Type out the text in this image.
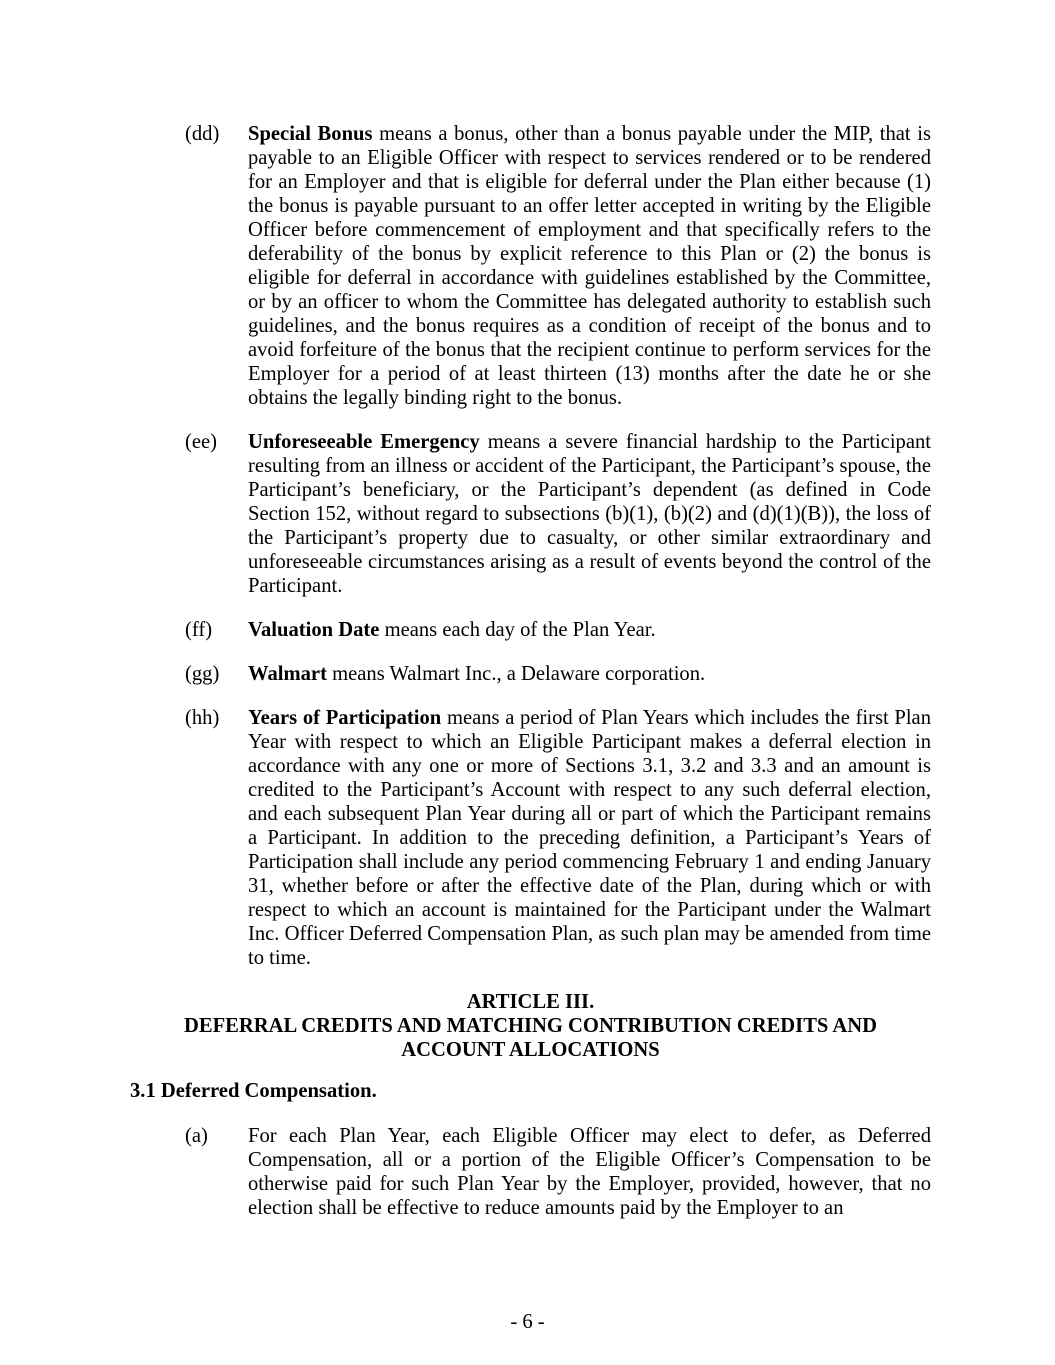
(dd)	Special Bonus means a bonus, other than a bonus payable under the MIP, that is payable to an Eligible Officer with respect to services rendered or to be rendered for an Employer and that is eligible for deferral under the Plan either because (1) the bonus is payable pursuant to an offer letter accepted in writing by the Eligible Officer before commencement of employment and that specifically refers to the deferability of the bonus by explicit reference to this Plan or (2) the bonus is eligible for deferral in accordance with guidelines established by the Committee, or by an officer to whom the Committee has delegated authority to establish such guidelines, and the bonus requires as a condition of receipt of the bonus and to avoid forfeiture of the bonus that the recipient continue to perform services for the Employer for a period of at least thirteen (13) months after the date he or she obtains the legally binding right to the bonus.

(ee)	Unforeseeable Emergency means a severe financial hardship to the Participant resulting from an illness or accident of the Participant, the Participant’s spouse, the Participant’s beneficiary, or the Participant’s dependent (as defined in Code Section 152, without regard to subsections (b)(1), (b)(2) and (d)(1)(B)), the loss of the Participant’s property due to casualty, or other similar extraordinary and unforeseeable circumstances arising as a result of events beyond the control of the Participant.

(ff)	Valuation Date means each day of the Plan Year.

(gg)	Walmart means Walmart Inc., a Delaware corporation.

(hh)	Years of Participation means a period of Plan Years which includes the first Plan Year with respect to which an Eligible Participant makes a deferral election in accordance with any one or more of Sections 3.1, 3.2 and 3.3 and an amount is credited to the Participant’s Account with respect to any such deferral election, and each subsequent Plan Year during all or part of which the Participant remains a Participant. In addition to the preceding definition, a Participant’s Years of Participation shall include any period commencing February 1 and ending January 31, whether before or after the effective date of the Plan, during which or with respect to which an account is maintained for the Participant under the Walmart Inc. Officer Deferred Compensation Plan, as such plan may be amended from time to time.

ARTICLE III.
DEFERRAL CREDITS AND MATCHING CONTRIBUTION CREDITS AND
ACCOUNT ALLOCATIONS
3.1 Deferred Compensation.
(a)	For each Plan Year, each Eligible Officer may elect to defer, as Deferred Compensation, all or a portion of the Eligible Officer’s Compensation to be otherwise paid for such Plan Year by the Employer, provided, however, that no election shall be effective to reduce amounts paid by the Employer to an

- 6 -
